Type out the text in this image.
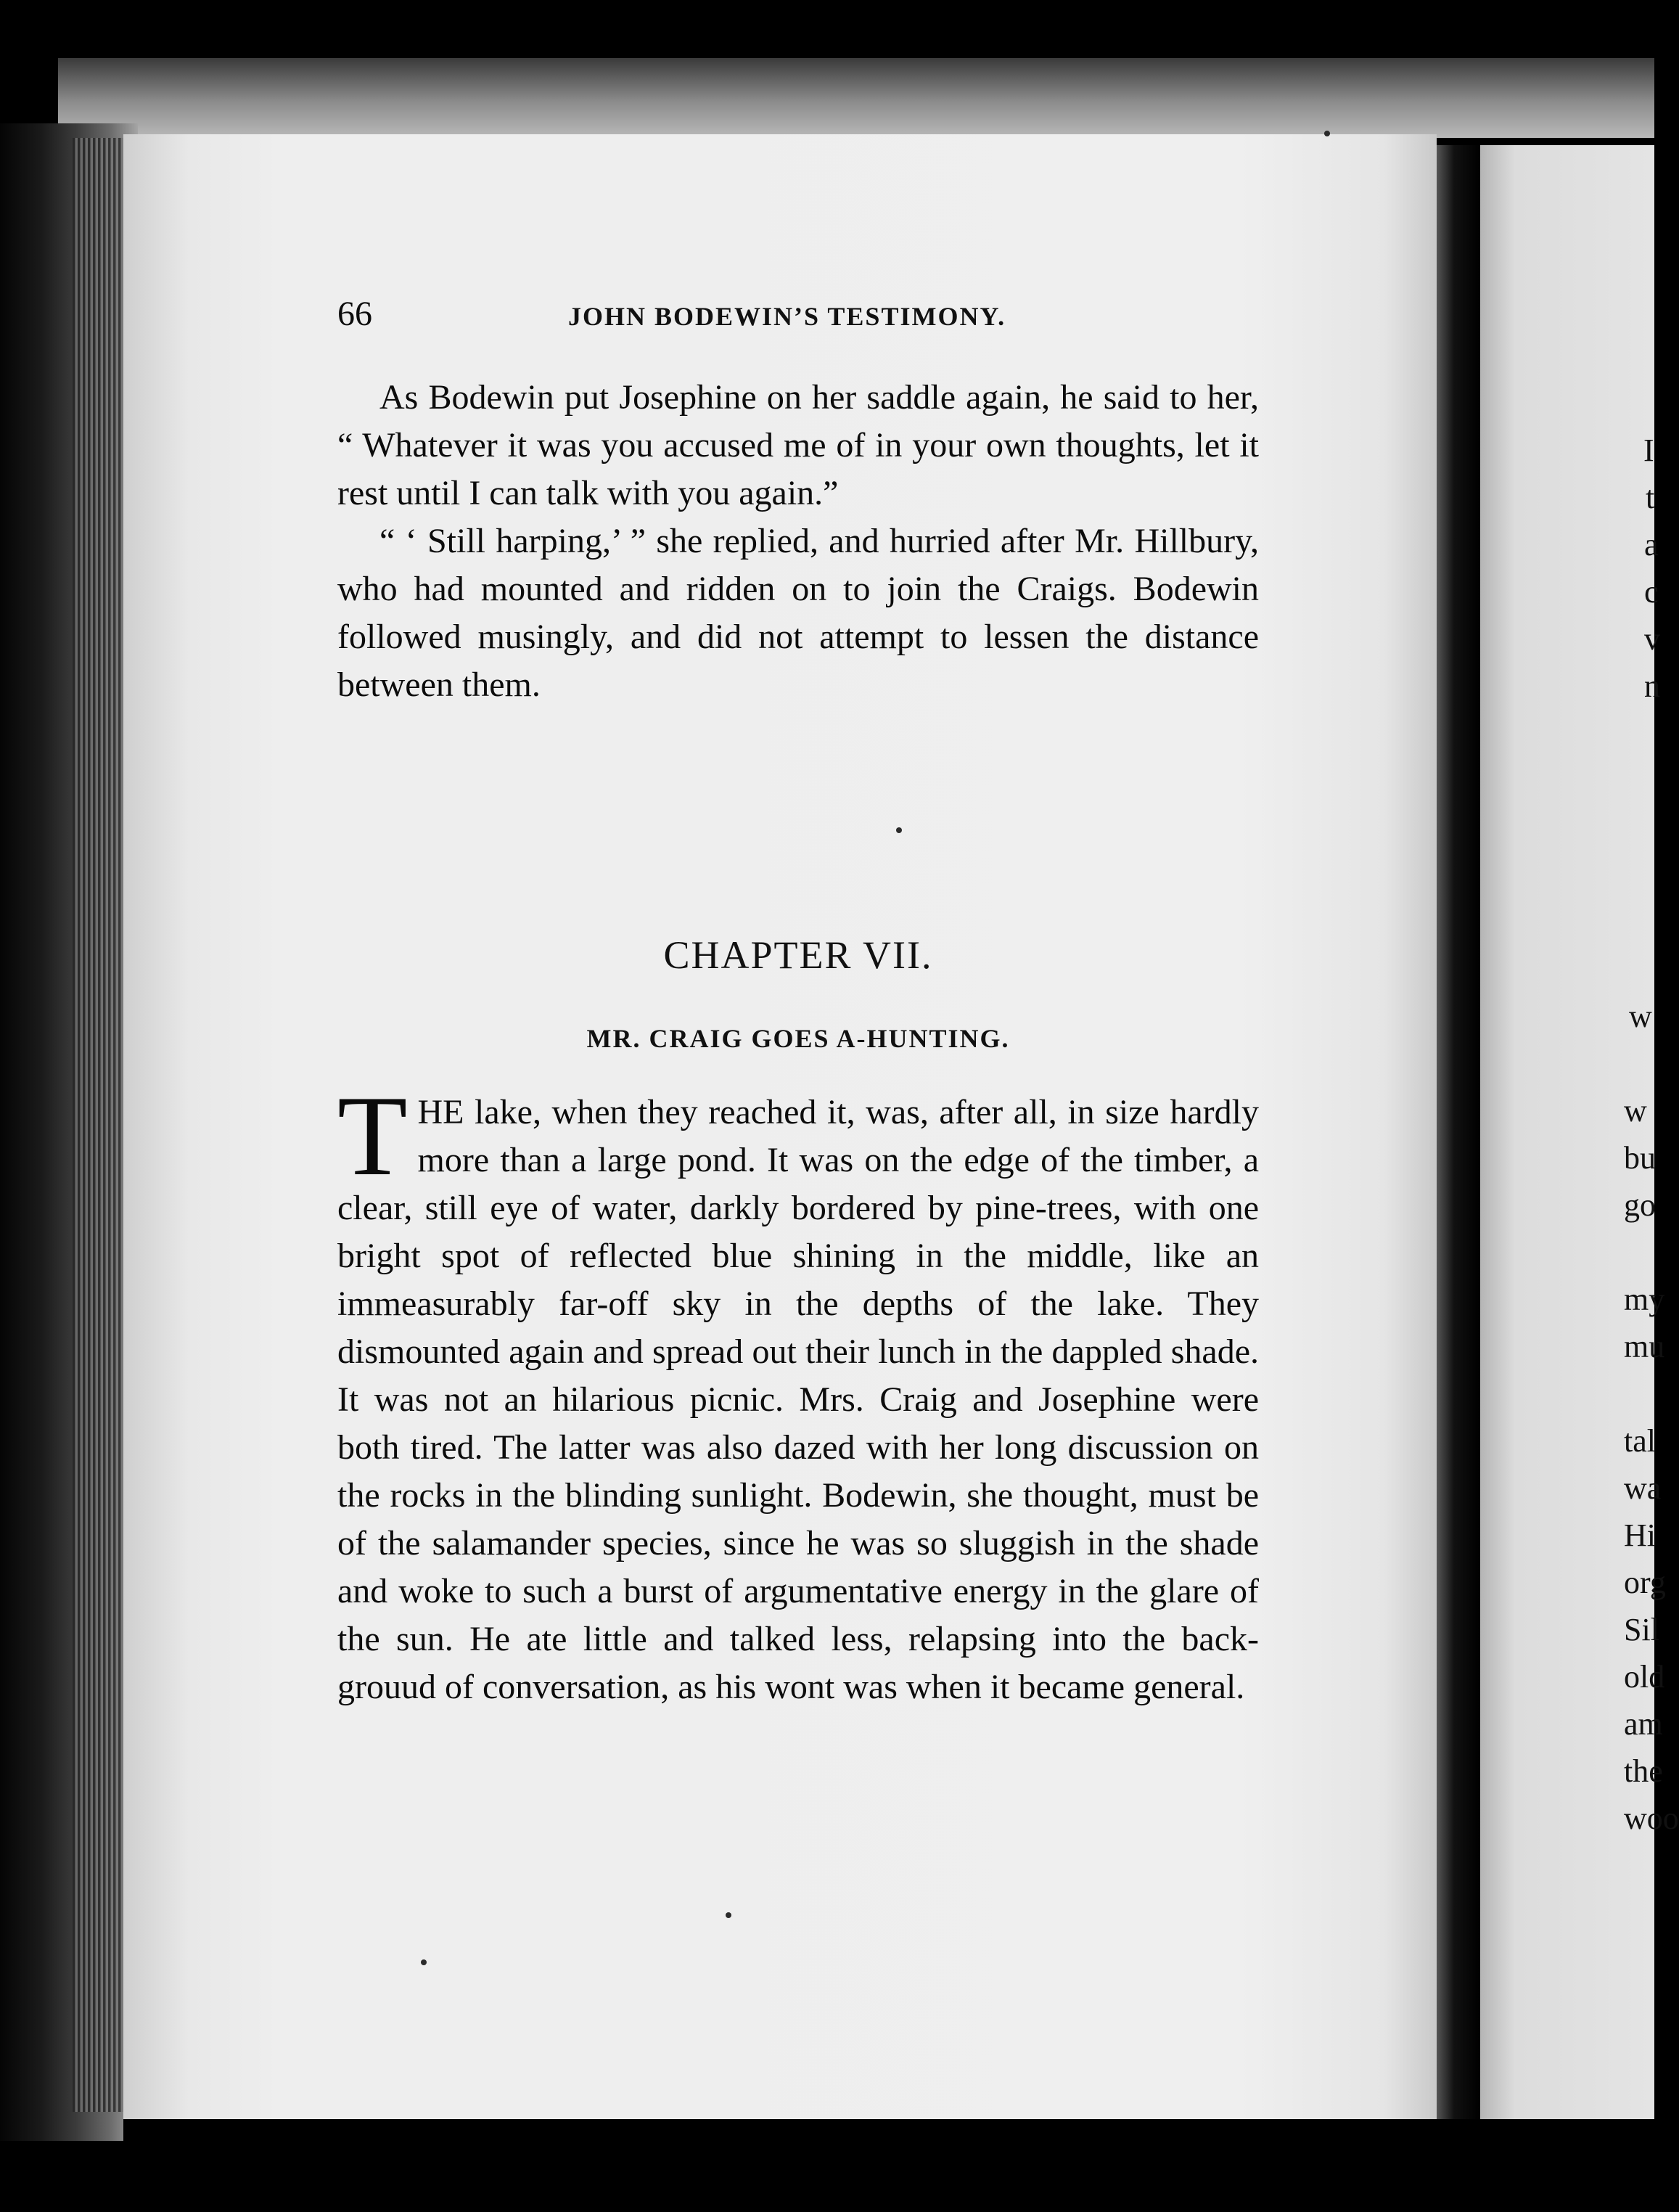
I
t
a
c
v
n
w
w
bu
go
my
mu
tal
wa
Hi
org
Sil
old
am
the
woo
66	JOHN BODEWIN’S TESTIMONY.

As Bodewin put Josephine on her saddle again, he said to her, “ Whatever it was you accused me of in your own thoughts, let it rest until I can talk with you again.”

“ ‘ Still harping,’ ” she replied, and hurried after Mr. Hillbury, who had mounted and ridden on to join the Craigs. Bodewin followed musingly, and did not attempt to lessen the distance between them.

CHAPTER VII.
MR. CRAIG GOES A-HUNTING.

THE lake, when they reached it, was, after all, in size hardly more than a large pond. It was on the edge of the timber, a clear, still eye of water, darkly bordered by pine-trees, with one bright spot of reflected blue shining in the middle, like an immeasurably far-off sky in the depths of the lake. They dismounted again and spread out their lunch in the dappled shade. It was not an hilarious picnic. Mrs. Craig and Josephine were both tired. The latter was also dazed with her long discussion on the rocks in the blinding sunlight. Bodewin, she thought, must be of the salamander species, since he was so sluggish in the shade and woke to such a burst of argumentative energy in the glare of the sun. He ate little and talked less, relapsing into the back-grouud of conversation, as his wont was when it became general.
